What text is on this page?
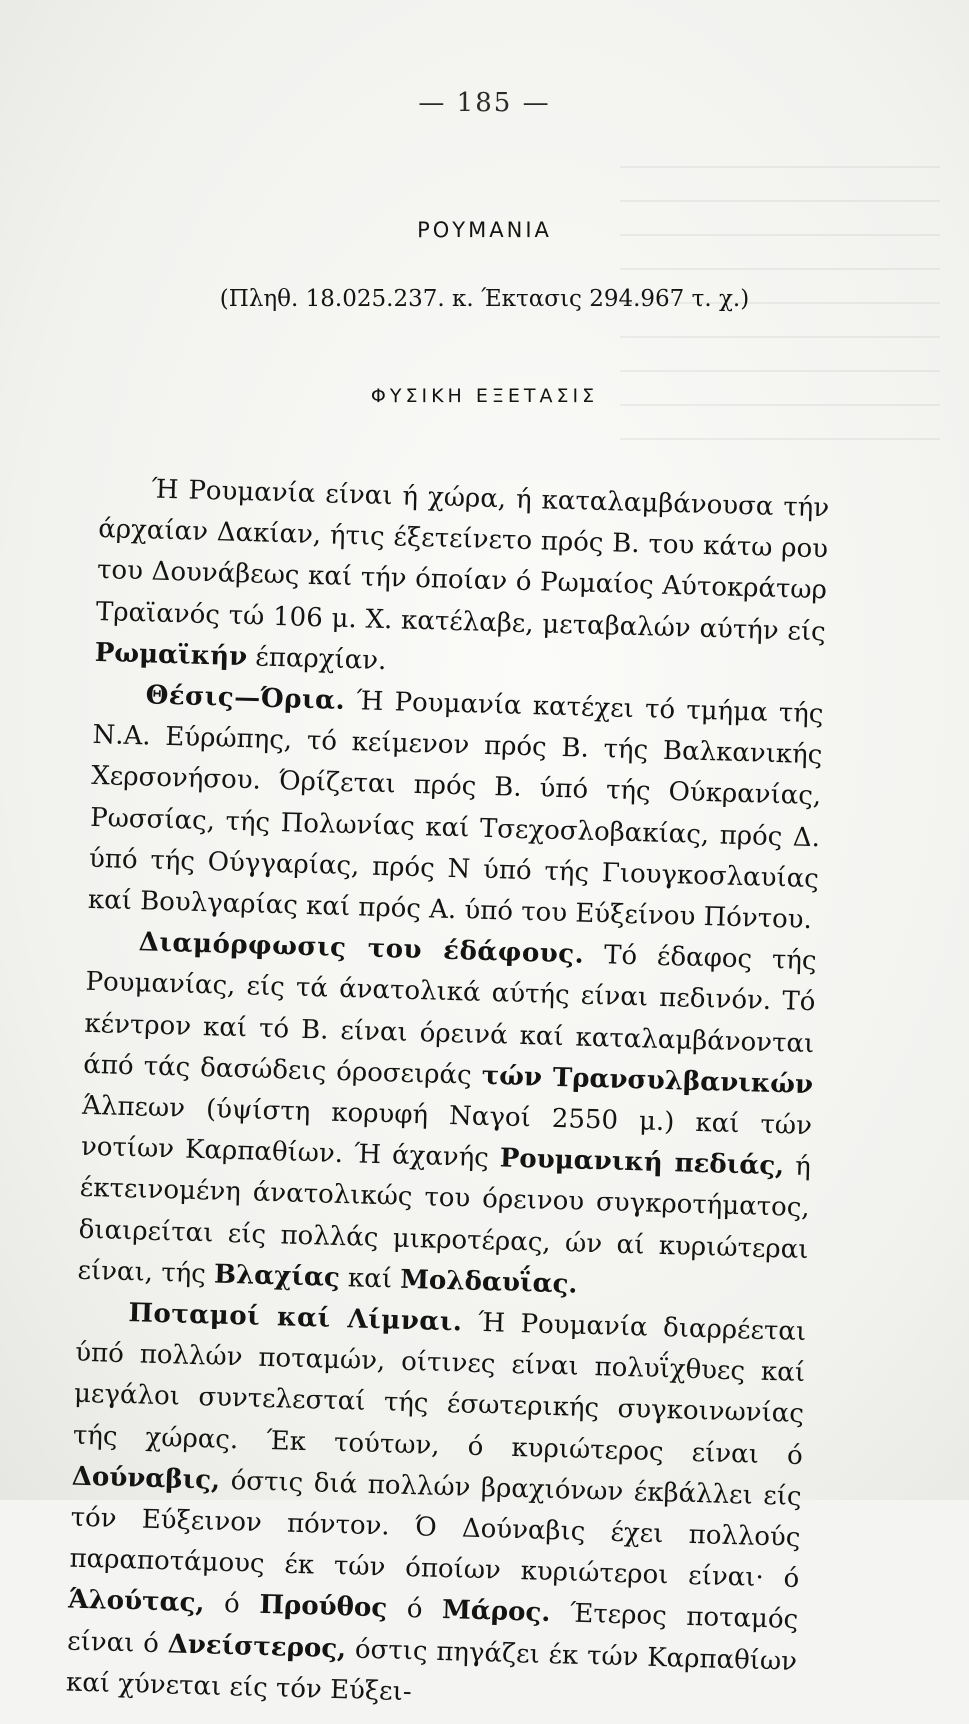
— 185 —
ΡΟΥΜΑΝΙΑ
(Πληθ. 18.025.237. κ. Έκτασις 294.967 τ. χ.)
ΦΥΣΙΚΗ ΕΞΕΤΑΣΙΣ

Ή Ρουμανία είναι ή χώρα, ή καταλαμβάνουσα τήν άρχαίαν Δακίαν, ήτις έξετείνετο πρός Β. του κάτω ρου του Δουνάβεως καί τήν όποίαν ό Ρωμαίος Αύτοκράτωρ Τραϊανός τώ 106 μ. Χ. κατέλαβε, μεταβαλών αύτήν είς Ρωμαϊκήν έπαρχίαν.

Θέσις—Όρια. Ή Ρουμανία κατέχει τό τμήμα τής Ν.Α. Εύρώπης, τό κείμενον πρός Β. τής Βαλκανικής Χερσονήσου. Όρίζεται πρός Β. ύπό τής Ούκρανίας, Ρωσσίας, τής Πολωνίας καί Τσεχοσλοβακίας, πρός Δ. ύπό τής Ούγγαρίας, πρός Ν ύπό τής Γιουγκοσλαυίας καί Βουλγαρίας καί πρός Α. ύπό του Εύξείνου Πόντου.

Διαμόρφωσις του έδάφους. Τό έδαφος τής Ρουμανίας, είς τά άνατολικά αύτής είναι πεδινόν. Τό κέντρον καί τό Β. είναι όρεινά καί καταλαμβάνονται άπό τάς δασώδεις όροσειράς τών Τρανσυλβανικών Άλπεων (ύψίστη κορυφή Ναγοί 2550 μ.) καί τών νοτίων Καρπαθίων. Ή άχανής Ρουμανική πεδιάς, ή έκτεινομένη άνατολικώς του όρεινου συγκροτήματος, διαιρείται είς πολλάς μικροτέρας, ών αί κυριώτεραι είναι, τής Βλαχίας καί Μολδαυΐας.

Ποταμοί καί Λίμναι. Ή Ρουμανία διαρρέεται ύπό πολλών ποταμών, οίτινες είναι πολυΐχθυες καί μεγάλοι συντελεσταί τής έσωτερικής συγκοινωνίας τής χώρας. Έκ τούτων, ό κυριώτερος είναι ό Δούναβις, όστις διά πολλών βραχιόνων έκβάλλει είς τόν Εύξεινον πόντον. Ό Δούναβις έχει πολλούς παραποτάμους έκ τών όποίων κυριώτεροι είναι· ό Άλούτας, ό Προύθος ό Μάρος. Έτερος ποταμός είναι ό Δνείστερος, όστις πηγάζει έκ τών Καρπαθίων καί χύνεται είς τόν Εύξει-
